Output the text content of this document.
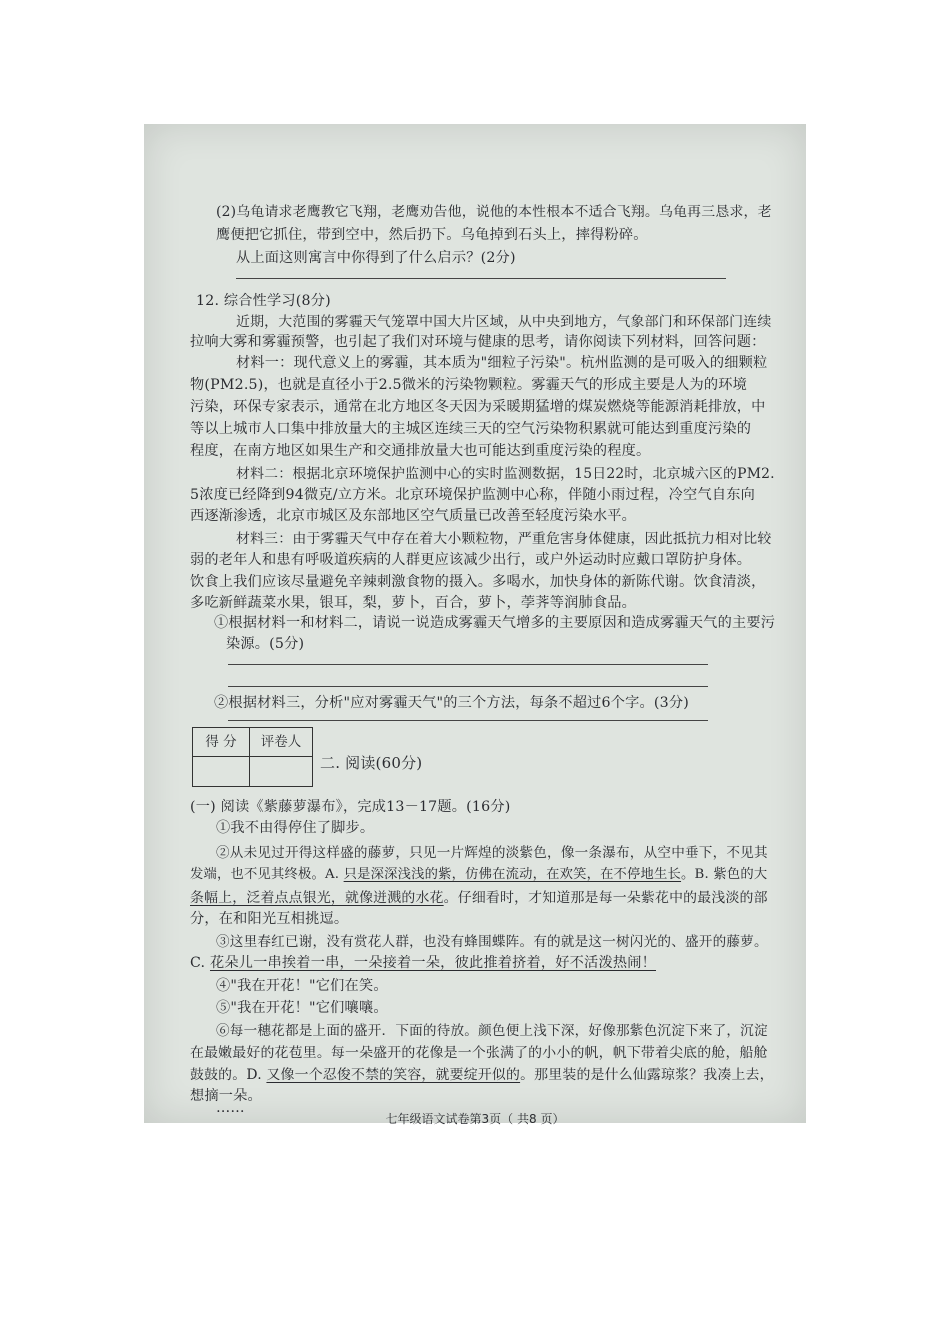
(2)乌龟请求老鹰教它飞翔，老鹰劝告他，说他的本性根本不适合飞翔。乌龟再三恳求，老
鹰便把它抓住，带到空中，然后扔下。乌龟掉到石头上，摔得粉碎。
从上面这则寓言中你得到了什么启示？(2分)
12. 综合性学习(8分)
近期，大范围的雾霾天气笼罩中国大片区域，从中央到地方，气象部门和环保部门连续
拉响大雾和雾霾预警，也引起了我们对环境与健康的思考，请你阅读下列材料，回答问题：
材料一：现代意义上的雾霾，其本质为"细粒子污染"。杭州监测的是可吸入的细颗粒
物(PM2.5)，也就是直径小于2.5微米的污染物颗粒。雾霾天气的形成主要是人为的环境
污染，环保专家表示，通常在北方地区冬天因为采暖期猛增的煤炭燃烧等能源消耗排放，中
等以上城市人口集中排放量大的主城区连续三天的空气污染物积累就可能达到重度污染的
程度，在南方地区如果生产和交通排放量大也可能达到重度污染的程度。
材料二：根据北京环境保护监测中心的实时监测数据，15日22时，北京城六区的PM2.
5浓度已经降到94微克/立方米。北京环境保护监测中心称，伴随小雨过程，冷空气自东向
西逐渐渗透，北京市城区及东部地区空气质量已改善至轻度污染水平。
材料三：由于雾霾天气中存在着大小颗粒物，严重危害身体健康，因此抵抗力相对比较
弱的老年人和患有呼吸道疾病的人群更应该减少出行，或户外运动时应戴口罩防护身体。
饮食上我们应该尽量避免辛辣刺激食物的摄入。多喝水，加快身体的新陈代谢。饮食清淡，
多吃新鲜蔬菜水果，银耳，梨，萝卜，百合，萝卜，荸荠等润肺食品。
①根据材料一和材料二，请说一说造成雾霾天气增多的主要原因和造成雾霾天气的主要污
染源。(5分)
②根据材料三，分析"应对雾霾天气"的三个方法，每条不超过6个字。(3分)
得 分	评卷人
二. 阅读(60分)
(一) 阅读《紫藤萝瀑布》，完成13－17题。(16分)
①我不由得停住了脚步。
②从未见过开得这样盛的藤萝，只见一片辉煌的淡紫色，像一条瀑布，从空中垂下，不见其
发端，也不见其终极。A. 只是深深浅浅的紫，仿佛在流动，在欢笑，在不停地生长。B. 紫色的大
条幅上，泛着点点银光，就像迸溅的水花。仔细看时，才知道那是每一朵紫花中的最浅淡的部
分，在和阳光互相挑逗。
③这里春红已谢，没有赏花人群，也没有蜂围蝶阵。有的就是这一树闪光的、盛开的藤萝。
C. 花朵儿一串挨着一串，一朵接着一朵，彼此推着挤着，好不活泼热闹！
④"我在开花！"它们在笑。
⑤"我在开花！"它们嚷嚷。
⑥每一穗花都是上面的盛开．下面的待放。颜色便上浅下深，好像那紫色沉淀下来了，沉淀
在最嫩最好的花苞里。每一朵盛开的花像是一个张满了的小小的帆，帆下带着尖底的舱，船舱
鼓鼓的。D. 又像一个忍俊不禁的笑容，就要绽开似的。那里装的是什么仙露琼浆？我凑上去，
想摘一朵。
……
七年级语文试卷第3页（ 共8 页）
